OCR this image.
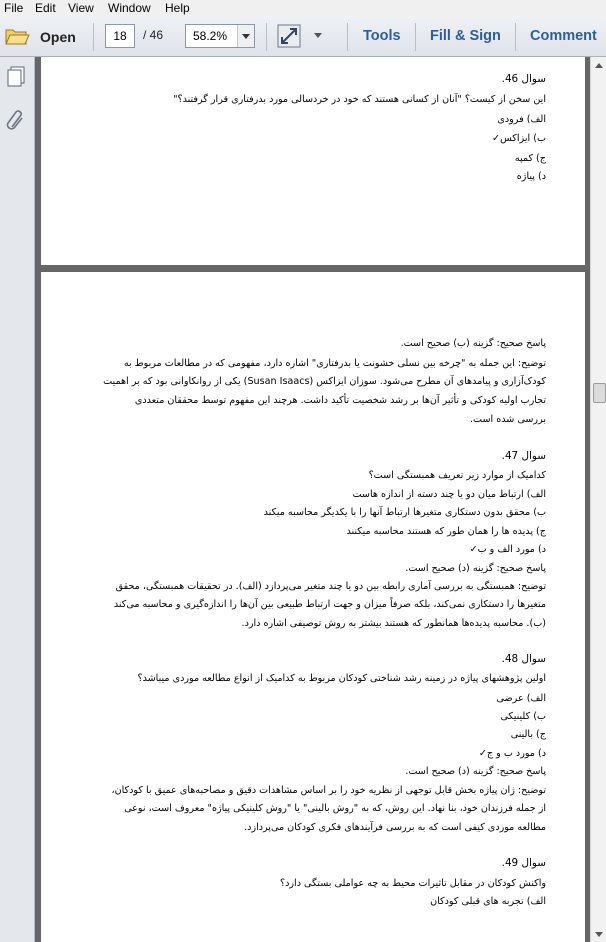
File Edit View Window Help
Open	18	/ 46 58.2%	Tools Fill & Sign Comment
سوال 46.
این سخن از کیست؟ "آنان از کسانی هستند که خود در خردسالی مورد بدرفتاری قرار گرفتند؟"
الف) فرودی
ب) ایزاکس✓
ج) کمپه
د) پیاژه
پاسخ صحیح: گزینه (ب) صحیح است.
توضیح: این جمله به "چرخه بین نسلی خشونت یا بدرفتاری" اشاره دارد، مفهومی که در مطالعات مربوط به
کودک‌آزاری و پیامدهای آن مطرح می‌شود. سوزان ایزاکس (Susan Isaacs) یکی از روانکاوانی بود که بر اهمیت
تجارب اولیه کودکی و تأثیر آن‌ها بر رشد شخصیت تأکید داشت. هرچند این مفهوم توسط محققان متعددی
بررسی شده است.
سوال 47.
کدامیک از موارد زیر تعریف همبستگی است؟
الف) ارتباط میان دو یا چند دسته از اندازه هاست
ب) محقق بدون دستکاری متغیرها ارتباط آنها را با یکدیگر محاسبه میکند
ج) پدیده ها را همان طور که هستند محاسبه میکنند
د) مورد الف و ب✓
پاسخ صحیح: گزینه (د) صحیح است.
توضیح: همبستگی به بررسی آماری رابطه بین دو یا چند متغیر می‌پردازد (الف). در تحقیقات همبستگی، محقق
متغیرها را دستکاری نمی‌کند، بلکه صرفاً میزان و جهت ارتباط طبیعی بین آن‌ها را اندازه‌گیری و محاسبه می‌کند
(ب). محاسبه پدیده‌ها همانطور که هستند بیشتر به روش توصیفی اشاره دارد.
سوال 48.
اولین پژوهشهای پیاژه در زمینه رشد شناختی کودکان مربوط به کدامیک از انواع مطالعه موردی میباشد؟
الف) عرضی
ب) کلینیکی
ج) بالینی
د) مورد ب و ج✓
پاسخ صحیح: گزینه (د) صحیح است.
توضیح: ژان پیاژه بخش قابل توجهی از نظریه خود را بر اساس مشاهدات دقیق و مصاحبه‌های عمیق با کودکان،
از جمله فرزندان خود، بنا نهاد. این روش، که به "روش بالینی" یا "روش کلینیکی پیاژه" معروف است، نوعی
مطالعه موردی کیفی است که به بررسی فرآیندهای فکری کودکان می‌پردازد.
سوال 49.
واکنش کودکان در مقابل تاثیرات محیط به چه عواملی بستگی دارد؟
الف) تجربه های قبلی کودکان
